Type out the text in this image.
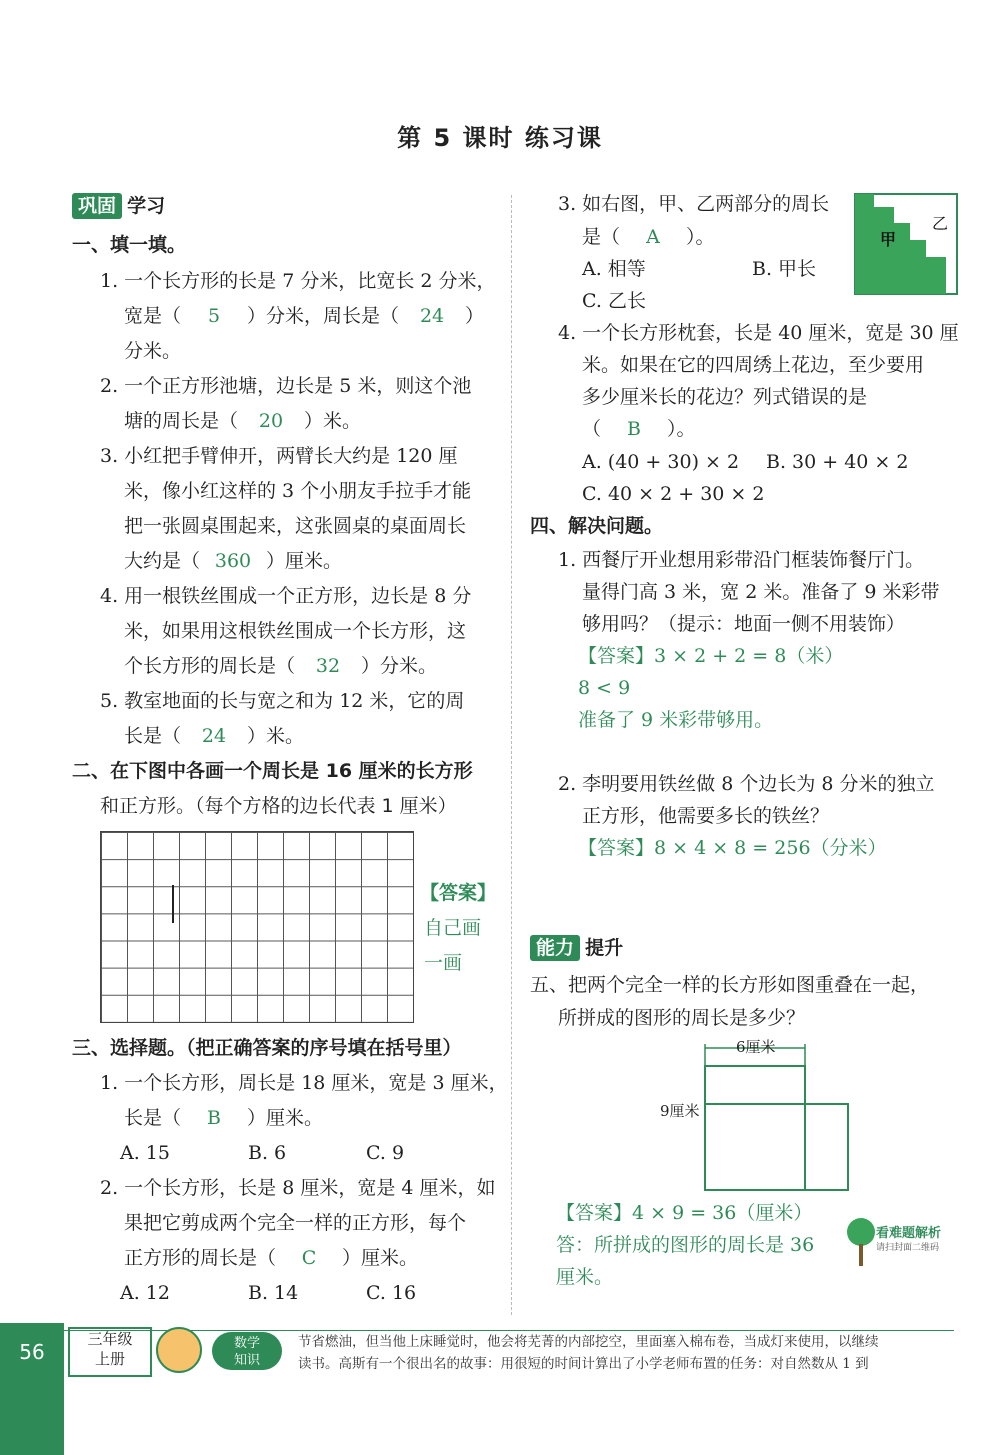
第 5 课时 练习课
巩固 学习
一、填一填。
1. 一个长方形的长是 7 分米，比宽长 2 分米，
宽是（ 5 ）分米，周长是（ 24 ）
分米。
2. 一个正方形池塘，边长是 5 米，则这个池
塘的周长是（ 20 ）米。
3. 小红把手臂伸开，两臂长大约是 120 厘
米，像小红这样的 3 个小朋友手拉手才能
把一张圆桌围起来，这张圆桌的桌面周长
大约是（ 360 ）厘米。
4. 用一根铁丝围成一个正方形，边长是 8 分
米，如果用这根铁丝围成一个长方形，这
个长方形的周长是（ 32 ）分米。
5. 教室地面的长与宽之和为 12 米，它的周
长是（ 24 ）米。
二、在下图中各画一个周长是 16 厘米的长方形
和正方形。（每个方格的边长代表 1 厘米）
【答案】
自己画
一画
三、选择题。（把正确答案的序号填在括号里）
1. 一个长方形，周长是 18 厘米，宽是 3 厘米，
长是（ B ）厘米。
A. 15	B. 6	C. 9
2. 一个长方形，长是 8 厘米，宽是 4 厘米，如
果把它剪成两个完全一样的正方形，每个
正方形的周长是（ C ）厘米。
A. 12	B. 14	C. 16
3. 如右图，甲、乙两部分的周长
是（ A ）。
A. 相等	B. 甲长
C. 乙长
甲
乙
4. 一个长方形枕套，长是 40 厘米，宽是 30 厘
米。如果在它的四周绣上花边，至少要用
多少厘米长的花边？列式错误的是
（ B ）。
A. (40 + 30) × 2 B. 30 + 40 × 2
C. 40 × 2 + 30 × 2
四、解决问题。
1. 西餐厅开业想用彩带沿门框装饰餐厅门。
量得门高 3 米，宽 2 米。准备了 9 米彩带
够用吗？（提示：地面一侧不用装饰）
【答案】3 × 2 + 2 = 8（米）
8 < 9
准备了 9 米彩带够用。
2. 李明要用铁丝做 8 个边长为 8 分米的独立
正方形，他需要多长的铁丝？
【答案】8 × 4 × 8 = 256（分米）
能力 提升
五、把两个完全一样的长方形如图重叠在一起，
所拼成的图形的周长是多少？
6厘米
9厘米
【答案】4 × 9 = 36（厘米）
答：所拼成的图形的周长是 36
厘米。
看难题解析
请扫封面二维码
56
三年级
上册
数学
知识
节省燃油，但当他上床睡觉时，他会将芜菁的内部挖空，里面塞入棉布卷，当成灯来使用，以继续
读书。高斯有一个很出名的故事：用很短的时间计算出了小学老师布置的任务：对自然数从 1 到
